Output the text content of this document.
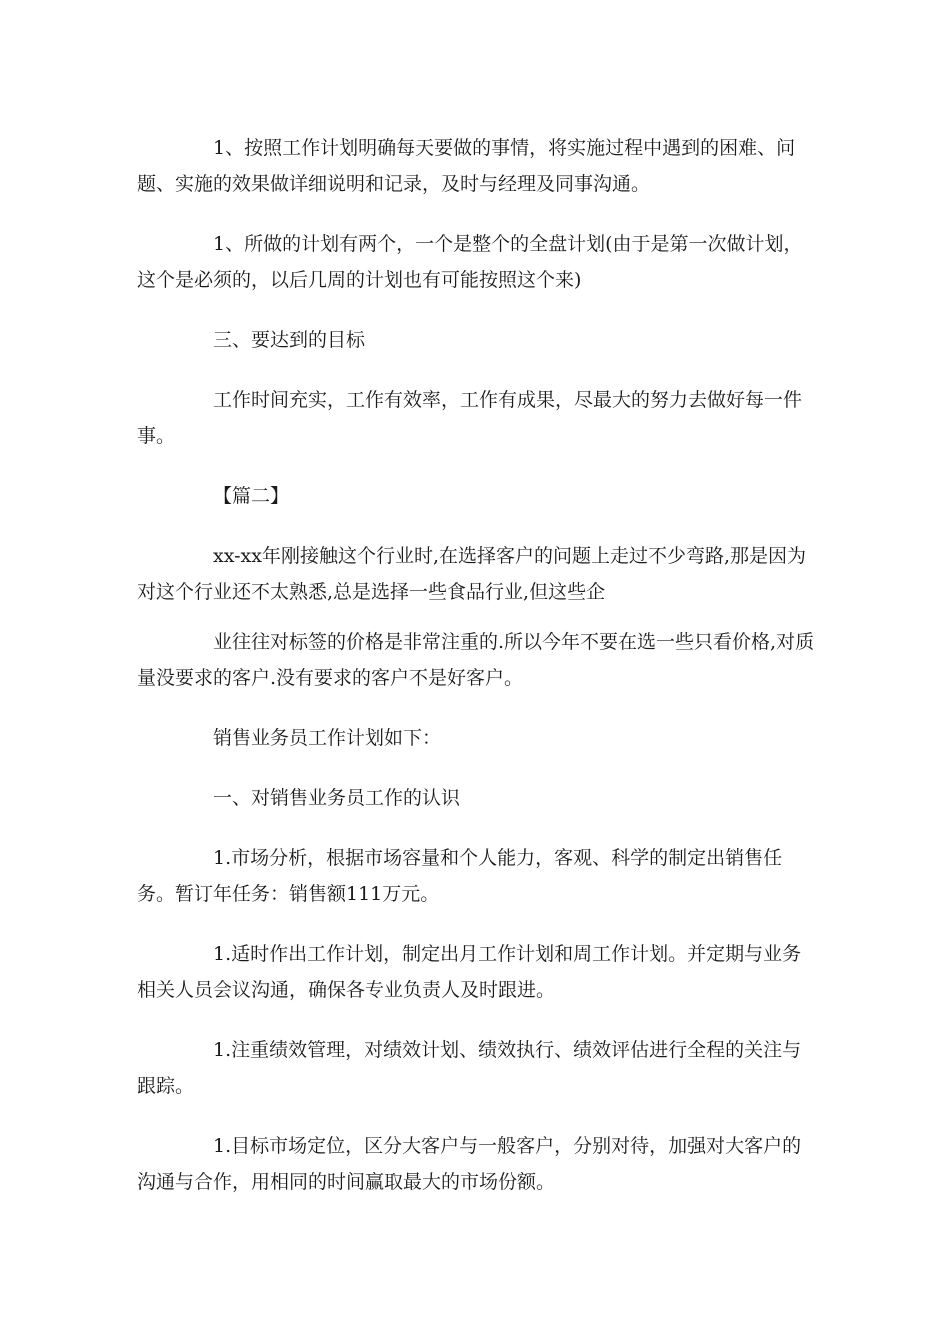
1、按照工作计划明确每天要做的事情，将实施过程中遇到的困难、问题、实施的效果做详细说明和记录，及时与经理及同事沟通。

1、所做的计划有两个，一个是整个的全盘计划(由于是第一次做计划，这个是必须的，以后几周的计划也有可能按照这个来)

三、要达到的目标

工作时间充实，工作有效率，工作有成果，尽最大的努力去做好每一件事。

【篇二】

xx-xx年刚接触这个行业时,在选择客户的问题上走过不少弯路,那是因为对这个行业还不太熟悉,总是选择一些食品行业,但这些企

业往往对标签的价格是非常注重的.所以今年不要在选一些只看价格,对质量没要求的客户.没有要求的客户不是好客户。

销售业务员工作计划如下：

一、对销售业务员工作的认识

1.市场分析，根据市场容量和个人能力，客观、科学的制定出销售任务。暂订年任务：销售额111万元。

1.适时作出工作计划，制定出月工作计划和周工作计划。并定期与业务相关人员会议沟通，确保各专业负责人及时跟进。

1.注重绩效管理，对绩效计划、绩效执行、绩效评估进行全程的关注与跟踪。

1.目标市场定位，区分大客户与一般客户，分别对待，加强对大客户的沟通与合作，用相同的时间赢取最大的市场份额。
